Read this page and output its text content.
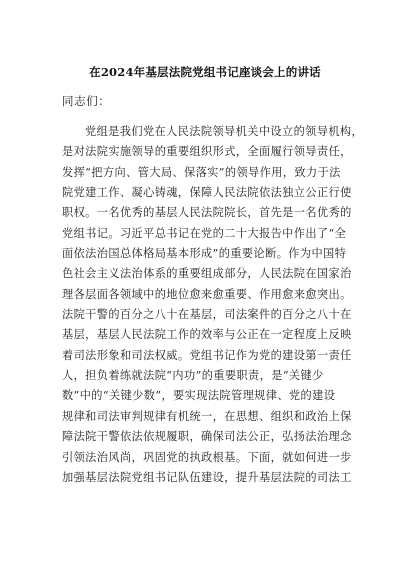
在2024年基层法院党组书记座谈会上的讲话
同志们：
党组是我们党在人民法院领导机关中设立的领导机构，
是对法院实施领导的重要组织形式，全面履行领导责任，
发挥“把方向、管大局、保落实”的领导作用，致力于法
院党建工作、凝心铸魂，保障人民法院依法独立公正行使
职权。一名优秀的基层人民法院院长，首先是一名优秀的
党组书记。习近平总书记在党的二十大报告中作出了“全
面依法治国总体格局基本形成”的重要论断。作为中国特
色社会主义法治体系的重要组成部分，人民法院在国家治
理各层面各领域中的地位愈来愈重要、作用愈来愈突出。
法院干警的百分之八十在基层，司法案件的百分之八十在
基层，基层人民法院工作的效率与公正在一定程度上反映
着司法形象和司法权威。党组书记作为党的建设第一责任
人，担负着练就法院“内功”的重要职责，是“关键少
数”中的“关键少数”，要实现法院管理规律、党的建设
规律和司法审判规律有机统一，在思想、组织和政治上保
障法院干警依法依规履职，确保司法公正，弘扬法治理念
引领法治风尚，巩固党的执政根基。下面，就如何进一步
加强基层法院党组书记队伍建设，提升基层法院的司法工
